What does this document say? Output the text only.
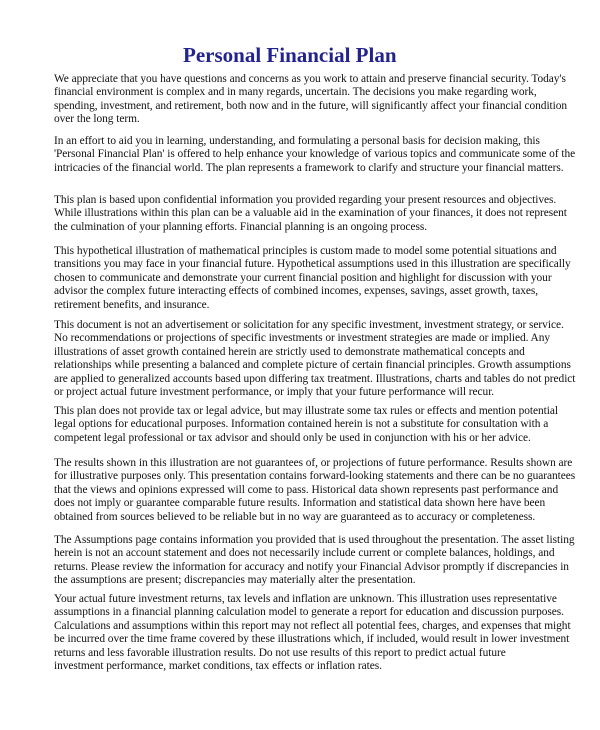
Personal Financial Plan

We appreciate that you have questions and concerns as you work to attain and preserve financial security. Today's
financial environment is complex and in many regards, uncertain. The decisions you make regarding work,
spending, investment, and retirement, both now and in the future, will significantly affect your financial condition
over the long term.

In an effort to aid you in learning, understanding, and formulating a personal basis for decision making, this
'Personal Financial Plan' is offered to help enhance your knowledge of various topics and communicate some of the
intricacies of the financial world. The plan represents a framework to clarify and structure your financial matters.

This plan is based upon confidential information you provided regarding your present resources and objectives.
While illustrations within this plan can be a valuable aid in the examination of your finances, it does not represent
the culmination of your planning efforts. Financial planning is an ongoing process.

This hypothetical illustration of mathematical principles is custom made to model some potential situations and
transitions you may face in your financial future. Hypothetical assumptions used in this illustration are specifically
chosen to communicate and demonstrate your current financial position and highlight for discussion with your
advisor the complex future interacting effects of combined incomes, expenses, savings, asset growth, taxes,
retirement benefits, and insurance.

This document is not an advertisement or solicitation for any specific investment, investment strategy, or service.
No recommendations or projections of specific investments or investment strategies are made or implied. Any
illustrations of asset growth contained herein are strictly used to demonstrate mathematical concepts and
relationships while presenting a balanced and complete picture of certain financial principles. Growth assumptions
are applied to generalized accounts based upon differing tax treatment. Illustrations, charts and tables do not predict
or project actual future investment performance, or imply that your future performance will recur.

This plan does not provide tax or legal advice, but may illustrate some tax rules or effects and mention potential
legal options for educational purposes. Information contained herein is not a substitute for consultation with a
competent legal professional or tax advisor and should only be used in conjunction with his or her advice.

The results shown in this illustration are not guarantees of, or projections of future performance. Results shown are
for illustrative purposes only. This presentation contains forward-looking statements and there can be no guarantees
that the views and opinions expressed will come to pass. Historical data shown represents past performance and
does not imply or guarantee comparable future results. Information and statistical data shown here have been
obtained from sources believed to be reliable but in no way are guaranteed as to accuracy or completeness.

The Assumptions page contains information you provided that is used throughout the presentation. The asset listing
herein is not an account statement and does not necessarily include current or complete balances, holdings, and
returns. Please review the information for accuracy and notify your Financial Advisor promptly if discrepancies in
the assumptions are present; discrepancies may materially alter the presentation.

Your actual future investment returns, tax levels and inflation are unknown. This illustration uses representative
assumptions in a financial planning calculation model to generate a report for education and discussion purposes.
Calculations and assumptions within this report may not reflect all potential fees, charges, and expenses that might
be incurred over the time frame covered by these illustrations which, if included, would result in lower investment
returns and less favorable illustration results. Do not use results of this report to predict actual future
investment performance, market conditions, tax effects or inflation rates.
